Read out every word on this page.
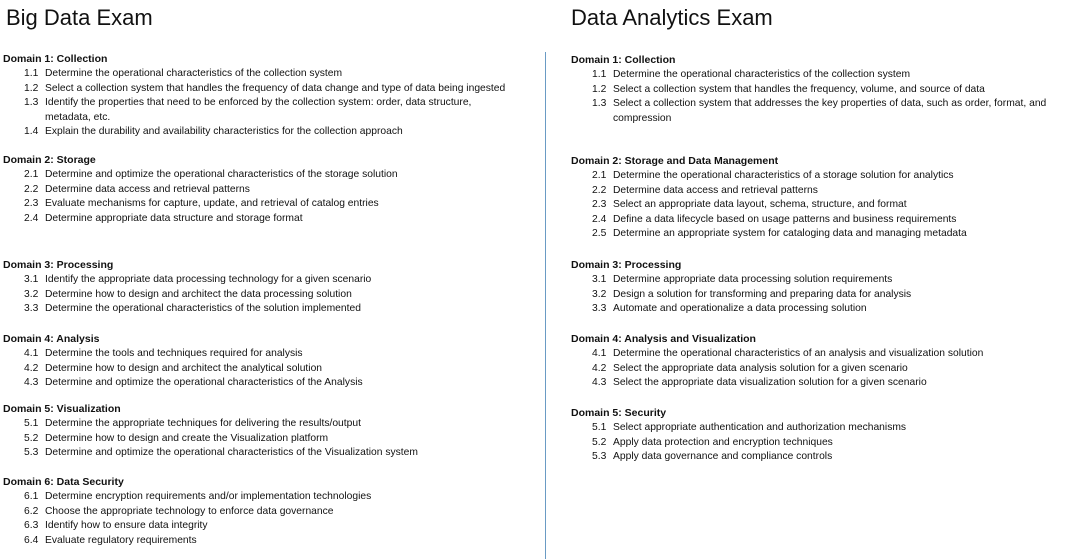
Big Data Exam
Domain 1: Collection
1.1 Determine the operational characteristics of the collection system
1.2 Select a collection system that handles the frequency of data change and type of data being ingested
1.3 Identify the properties that need to be enforced by the collection system: order, data structure, metadata, etc.
1.4 Explain the durability and availability characteristics for the collection approach
Domain 2: Storage
2.1 Determine and optimize the operational characteristics of the storage solution
2.2 Determine data access and retrieval patterns
2.3 Evaluate mechanisms for capture, update, and retrieval of catalog entries
2.4 Determine appropriate data structure and storage format
Domain 3: Processing
3.1 Identify the appropriate data processing technology for a given scenario
3.2 Determine how to design and architect the data processing solution
3.3 Determine the operational characteristics of the solution implemented
Domain 4: Analysis
4.1 Determine the tools and techniques required for analysis
4.2 Determine how to design and architect the analytical solution
4.3 Determine and optimize the operational characteristics of the Analysis
Domain 5: Visualization
5.1 Determine the appropriate techniques for delivering the results/output
5.2 Determine how to design and create the Visualization platform
5.3 Determine and optimize the operational characteristics of the Visualization system
Domain 6: Data Security
6.1 Determine encryption requirements and/or implementation technologies
6.2 Choose the appropriate technology to enforce data governance
6.3 Identify how to ensure data integrity
6.4 Evaluate regulatory requirements
Data Analytics Exam
Domain 1: Collection
1.1 Determine the operational characteristics of the collection system
1.2 Select a collection system that handles the frequency, volume, and source of data
1.3 Select a collection system that addresses the key properties of data, such as order, format, and compression
Domain 2: Storage and Data Management
2.1 Determine the operational characteristics of a storage solution for analytics
2.2 Determine data access and retrieval patterns
2.3 Select an appropriate data layout, schema, structure, and format
2.4 Define a data lifecycle based on usage patterns and business requirements
2.5 Determine an appropriate system for cataloging data and managing metadata
Domain 3: Processing
3.1 Determine appropriate data processing solution requirements
3.2 Design a solution for transforming and preparing data for analysis
3.3 Automate and operationalize a data processing solution
Domain 4: Analysis and Visualization
4.1 Determine the operational characteristics of an analysis and visualization solution
4.2 Select the appropriate data analysis solution for a given scenario
4.3 Select the appropriate data visualization solution for a given scenario
Domain 5: Security
5.1 Select appropriate authentication and authorization mechanisms
5.2 Apply data protection and encryption techniques
5.3 Apply data governance and compliance controls
